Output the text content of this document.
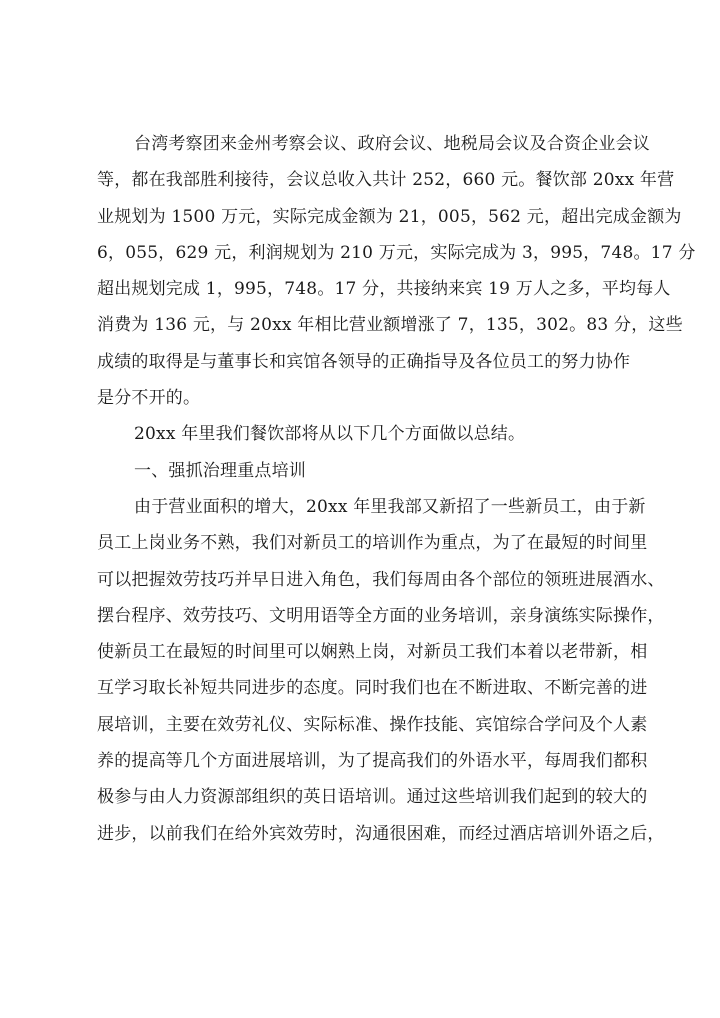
台湾考察团来金州考察会议、政府会议、地税局会议及合资企业会议
等，都在我部胜利接待，会议总收入共计 252，660 元。餐饮部 20xx 年营
业规划为 1500 万元，实际完成金额为 21，005，562 元，超出完成金额为
6，055，629 元，利润规划为 210 万元，实际完成为 3，995，748。17 分
超出规划完成 1，995，748。17 分，共接纳来宾 19 万人之多，平均每人
消费为 136 元，与 20xx 年相比营业额增涨了 7，135，302。83 分，这些
成绩的取得是与董事长和宾馆各领导的正确指导及各位员工的努力协作
是分不开的。
20xx 年里我们餐饮部将从以下几个方面做以总结。
一、强抓治理重点培训
由于营业面积的增大，20xx 年里我部又新招了一些新员工，由于新
员工上岗业务不熟，我们对新员工的培训作为重点，为了在最短的时间里
可以把握效劳技巧并早日进入角色，我们每周由各个部位的领班进展酒水、
摆台程序、效劳技巧、文明用语等全方面的业务培训，亲身演练实际操作，
使新员工在最短的时间里可以娴熟上岗，对新员工我们本着以老带新，相
互学习取长补短共同进步的态度。同时我们也在不断进取、不断完善的进
展培训，主要在效劳礼仪、实际标准、操作技能、宾馆综合学问及个人素
养的提高等几个方面进展培训，为了提高我们的外语水平，每周我们都积
极参与由人力资源部组织的英日语培训。通过这些培训我们起到的较大的
进步，以前我们在给外宾效劳时，沟通很困难，而经过酒店培训外语之后，
